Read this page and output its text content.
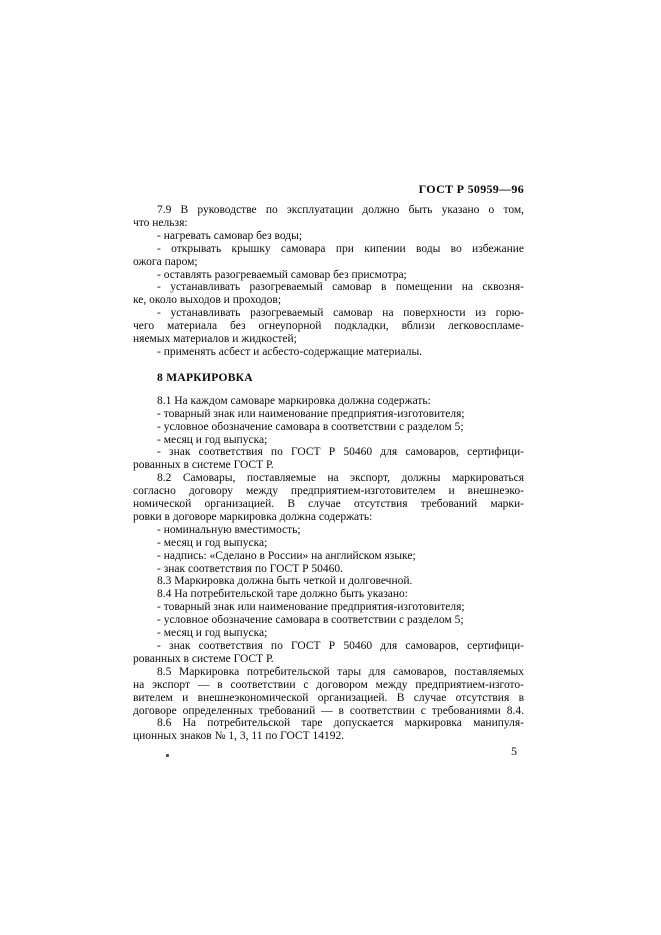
ГОСТ Р 50959—96
7.9 В руководстве по эксплуатации должно быть указано о том,
что нельзя:
- нагревать самовар без воды;
- открывать крышку самовара при кипении воды во избежание
ожога паром;
- оставлять разогреваемый самовар без присмотра;
- устанавливать разогреваемый самовар в помещении на сквозня-
ке, около выходов и проходов;
- устанавливать разогреваемый самовар на поверхности из горю-
чего материала без огнеупорной подкладки, вблизи легковоспламе-
няемых материалов и жидкостей;
- применять асбест и асбесто-содержащие материалы.
8 МАРКИРОВКА
8.1 На каждом самоваре маркировка должна содержать:
- товарный знак или наименование предприятия-изготовителя;
- условное обозначение самовара в соответствии с разделом 5;
- месяц и год выпуска;
- знак соответствия по ГОСТ Р 50460 для самоваров, сертифици-
рованных в системе ГОСТ Р.
8.2 Самовары, поставляемые на экспорт, должны маркироваться
согласно договору между предприятием-изготовителем и внешнеэко-
номической организацией. В случае отсутствия требований марки-
ровки в договоре маркировка должна содержать:
- номинальную вместимость;
- месяц и год выпуска;
- надпись: «Сделано в России» на английском языке;
- знак соответствия по ГОСТ Р 50460.
8.3 Маркировка должна быть четкой и долговечной.
8.4 На потребительской таре должно быть указано:
- товарный знак или наименование предприятия-изготовителя;
- условное обозначение самовара в соответствии с разделом 5;
- месяц и год выпуска;
- знак соответствия по ГОСТ Р 50460 для самоваров, сертифици-
рованных в системе ГОСТ Р.
8.5 Маркировка потребительской тары для самоваров, поставляемых
на экспорт — в соответствии с договором между предприятием-изгото-
вителем и внешнеэкономической организацией. В случае отсутствия в
договоре определенных требований — в соответствии с требованиями 8.4.
8.6 На потребительской таре допускается маркировка манипуля-
ционных знаков № 1, 3, 11 по ГОСТ 14192.
5
